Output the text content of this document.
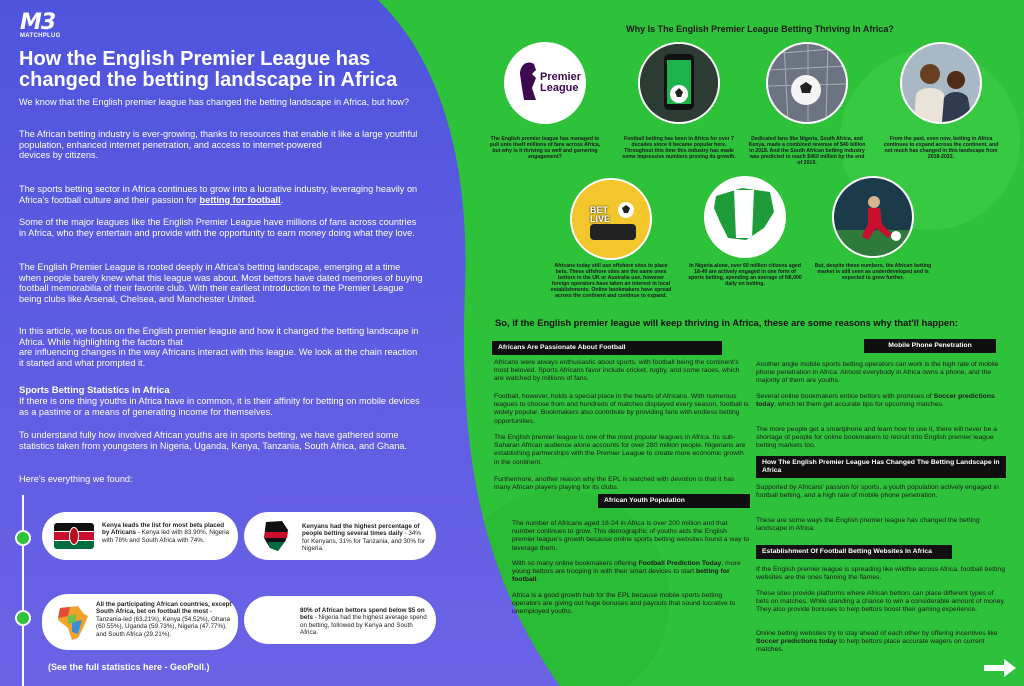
M3
MATCHPLUG
How the English Premier League has changed the betting landscape in Africa

We know that the English premier league has changed the betting landscape in Africa, but how?

The African betting industry is ever-growing, thanks to resources that enable it like a large youthful population, enhanced internet penetration, and access to internet-powered
devices by citizens.

The sports betting sector in Africa continues to grow into a lucrative industry, leveraging heavily on Africa's football culture and their passion for betting for football.

Some of the major leagues like the English Premier League have millions of fans across countries in Africa, who they entertain and provide with the opportunity to earn money doing what they love.

The English Premier League is rooted deeply in Africa's betting landscape, emerging at a time when people barely knew what this league was about. Most bettors have dated memories of buying football memorabilia of their favorite club. With their earliest introduction to the Premier League being clubs like Arsenal, Chelsea, and Manchester United.

In this article, we focus on the English premier league and how it changed the betting landscape in Africa. While highlighting the factors that
are influencing changes in the way Africans interact with this league. We look at the chain reaction it started and what prompted it.

Sports Betting Statistics in Africa

If there is one thing youths in Africa have in common, it is their affinity for betting on mobile devices as a pastime or a means of generating income for themselves.

To understand fully how involved African youths are in sports betting, we have gathered some statistics taken from youngsters in Nigeria, Uganda, Kenya, Tanzania, South Africa, and Ghana.

Here's everything we found:

Kenya leads the list for most bets placed by Africans - Kenya led with 83.90%, Nigeria with 78% and South Africa with 74%.

Kenyans had the highest percentage of people betting several times daily - 34% for Kenyans, 31% for Tanzania, and 30% for Nigeria.

All the participating African countries, except South Africa, bet on football the most - Tanzania-led (63.21%), Kenya (54.52%), Ghana (60.55%), Uganda (59.73%), Nigeria (47.77%), and South Africa (29.21%).

80% of African bettors spend below $5 on bets - Nigeria had the highest average spend on betting, followed by Kenya and South Africa.

(See the full statistics here - GeoPoll.)
Why Is The English Premier League Betting Thriving In Africa?
Premier League

The English premier league has managed to pull unto itself millions of fans across Africa, but why is it thriving so well and garnering engagement?

Football betting has been in Africa for over 7 decades since it became popular here. Throughout this time this industry has made some impressive numbers proving its growth.

Dedicated fans like Nigeria, South Africa, and Kenya, made a combined revenue of $40 billion in 2018. And the South African betting industry was predicted to reach $460 million by the end of 2019.

From the past, even now, betting in Africa continues to expand across the continent, and not much has changed in this landscape from 2018-2022.

BET LIVE

Africans today still use offshore sites to place bets. These offshore sites are the same ones bettors in the UK or Australia use, however foreign operators have taken an interest in local establishments. Online bookmakers have spread across the continent and continue to expand.

In Nigeria alone, over 60 million citizens aged 18-40 are actively engaged in one form of sports betting, spending an average of N6,000 daily on betting.

But, despite these numbers, the African betting market is still seen as underdeveloped and is expected to grow further.

So, if the English premier league will keep thriving in Africa, these are some reasons why that'll happen:
Africans Are Passionate About Football

Africans were always enthusiastic about sports, with football being the continent's most beloved. Sports Africans favor include cricket, rugby, and some races, which are watched by millions of fans.

Football, however, holds a special place in the hearts of Africans. With numerous leagues to choose from and hundreds of matches displayed every season, football is widely popular. Bookmakers also contribute by providing fans with endless betting opportunities.

The English premier league is one of the most popular leagues in Africa. Its sub-Saharan African audience alone accounts for over 280 million people. Nigerians are establishing partnerships with the Premier League to create more economic growth in the continent.

Furthermore, another reason why the EPL is watched with devotion is that it has many African players playing for its clubs.

African Youth Population

The number of Africans aged 18-24 in Africa is over 200 million and that number continues to grow. This demographic of youths aids the English premier league's growth because online sports betting websites found a way to leverage them.

With so many online bookmakers offering Football Prediction Today, more young bettors are trooping in with their smart devices to start betting for football.

Africa is a good growth hub for the EPL because mobile sports betting operators are giving out huge bonuses and payouts that sound lucrative to unemployed youths.

Mobile Phone Penetration

Another angle mobile sports betting operators can work is the high rate of mobile phone penetration in Africa. Almost everybody in Africa owns a phone, and the majority of them are youths.

Several online bookmakers entice bettors with promises of Soccer predictions today, which let them get accurate tips for upcoming matches.

The more people get a smartphone and learn how to use it, there will never be a shortage of people for online bookmakers to recruit into English premier league betting markets too.

How The English Premier League Has Changed The Betting Landscape in Africa

Supported by Africans' passion for sports, a youth population actively engaged in football betting, and a high rate of mobile phone penetration.

These are some ways the English premier league has changed the betting landscape in Africa.

Establishment Of Football Betting Websites In Africa

If the English premier league is spreading like wildfire across Africa, football betting websites are the ones fanning the flames.

These sites provide platforms where African bettors can place different types of bets on matches. While standing a chance to win a considerable amount of money. They also provide bonuses to help bettors boost their gaming experience.

Online betting websites try to stay ahead of each other by offering incentives like Soccer predictions today to help bettors place accurate wagers on current matches.
